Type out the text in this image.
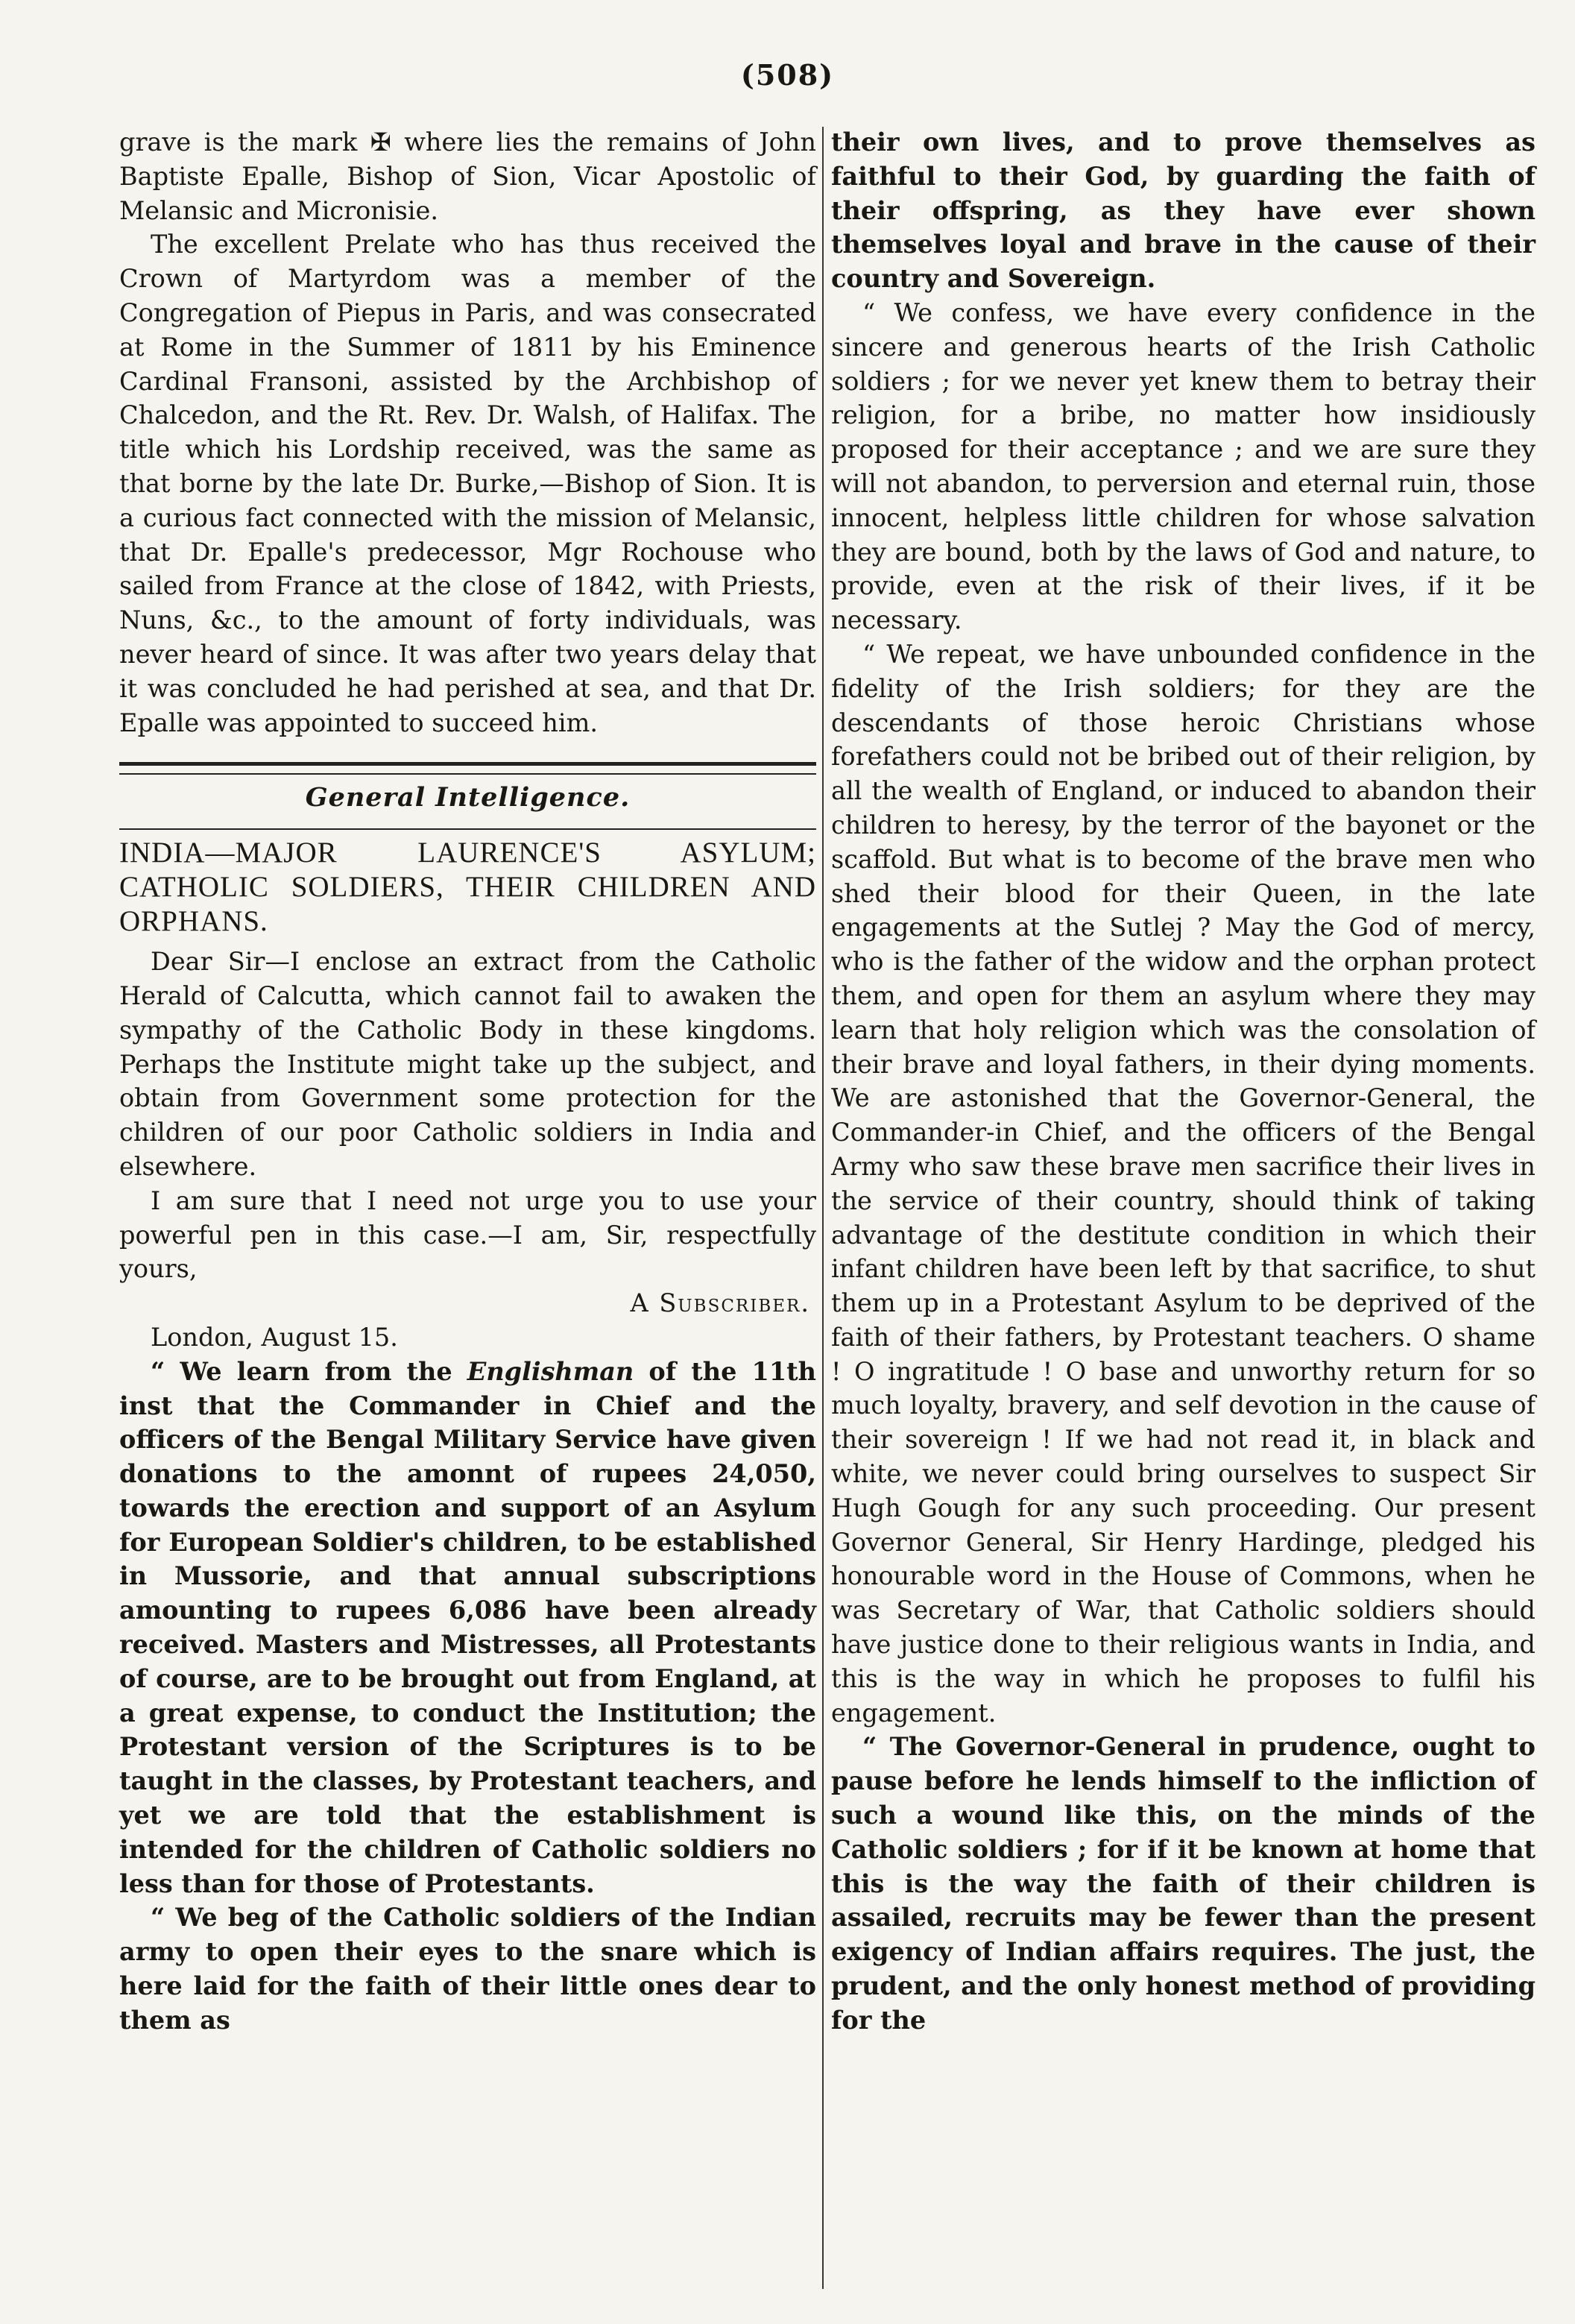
(508)

grave is the mark ✠ where lies the remains of John Baptiste Epalle, Bishop of Sion, Vicar Apostolic of Melansic and Micronisie.

The excellent Prelate who has thus received the Crown of Martyrdom was a member of the Congregation of Piepus in Paris, and was consecrated at Rome in the Summer of 1811 by his Eminence Cardinal Fransoni, assisted by the Archbishop of Chalcedon, and the Rt. Rev. Dr. Walsh, of Halifax. The title which his Lordship received, was the same as that borne by the late Dr. Burke,—Bishop of Sion. It is a curious fact connected with the mission of Melansic, that Dr. Epalle's predecessor, Mgr Rochouse who sailed from France at the close of 1842, with Priests, Nuns, &c., to the amount of forty individuals, was never heard of since. It was after two years delay that it was concluded he had perished at sea, and that Dr. Epalle was appointed to succeed him.

General Intelligence.
INDIA—MAJOR LAURENCE'S ASYLUM; CATHOLIC SOLDIERS, THEIR CHILDREN AND ORPHANS.

Dear Sir—I enclose an extract from the Catholic Herald of Calcutta, which cannot fail to awaken the sympathy of the Catholic Body in these kingdoms. Perhaps the Institute might take up the subject, and obtain from Government some protection for the children of our poor Catholic soldiers in India and elsewhere.

I am sure that I need not urge you to use your powerful pen in this case.—I am, Sir, respectfully yours,

A Subscriber.

London, August 15.

“ We learn from the Englishman of the 11th inst that the Commander in Chief and the officers of the Bengal Military Service have given donations to the amonnt of rupees 24,050, towards the erection and support of an Asylum for European Soldier's children, to be established in Mussorie, and that annual subscriptions amounting to rupees 6,086 have been already received. Masters and Mistresses, all Protestants of course, are to be brought out from England, at a great expense, to conduct the Institution; the Protestant version of the Scriptures is to be taught in the classes, by Protestant teachers, and yet we are told that the establishment is intended for the children of Catholic soldiers no less than for those of Protestants.

“ We beg of the Catholic soldiers of the Indian army to open their eyes to the snare which is here laid for the faith of their little ones dear to them as

their own lives, and to prove themselves as faithful to their God, by guarding the faith of their offspring, as they have ever shown themselves loyal and brave in the cause of their country and Sovereign.

“ We confess, we have every confidence in the sincere and generous hearts of the Irish Catholic soldiers ; for we never yet knew them to betray their religion, for a bribe, no matter how insidiously proposed for their acceptance ; and we are sure they will not abandon, to perversion and eternal ruin, those innocent, helpless little children for whose salvation they are bound, both by the laws of God and nature, to provide, even at the risk of their lives, if it be necessary.

“ We repeat, we have unbounded confidence in the fidelity of the Irish soldiers; for they are the descendants of those heroic Christians whose forefathers could not be bribed out of their religion, by all the wealth of England, or induced to abandon their children to heresy, by the terror of the bayonet or the scaffold. But what is to become of the brave men who shed their blood for their Queen, in the late engagements at the Sutlej ? May the God of mercy, who is the father of the widow and the orphan protect them, and open for them an asylum where they may learn that holy religion which was the consolation of their brave and loyal fathers, in their dying moments. We are astonished that the Governor-General, the Commander-in Chief, and the officers of the Bengal Army who saw these brave men sacrifice their lives in the service of their country, should think of taking advantage of the destitute condition in which their infant children have been left by that sacrifice, to shut them up in a Protestant Asylum to be deprived of the faith of their fathers, by Protestant teachers. O shame ! O ingratitude ! O base and unworthy return for so much loyalty, bravery, and self devotion in the cause of their sovereign ! If we had not read it, in black and white, we never could bring ourselves to suspect Sir Hugh Gough for any such proceeding. Our present Governor General, Sir Henry Hardinge, pledged his honourable word in the House of Commons, when he was Secretary of War, that Catholic soldiers should have justice done to their religious wants in India, and this is the way in which he proposes to fulfil his engagement.

“ The Governor-General in prudence, ought to pause before he lends himself to the infliction of such a wound like this, on the minds of the Catholic soldiers ; for if it be known at home that this is the way the faith of their children is assailed, recruits may be fewer than the present exigency of Indian affairs requires. The just, the prudent, and the only honest method of providing for the
